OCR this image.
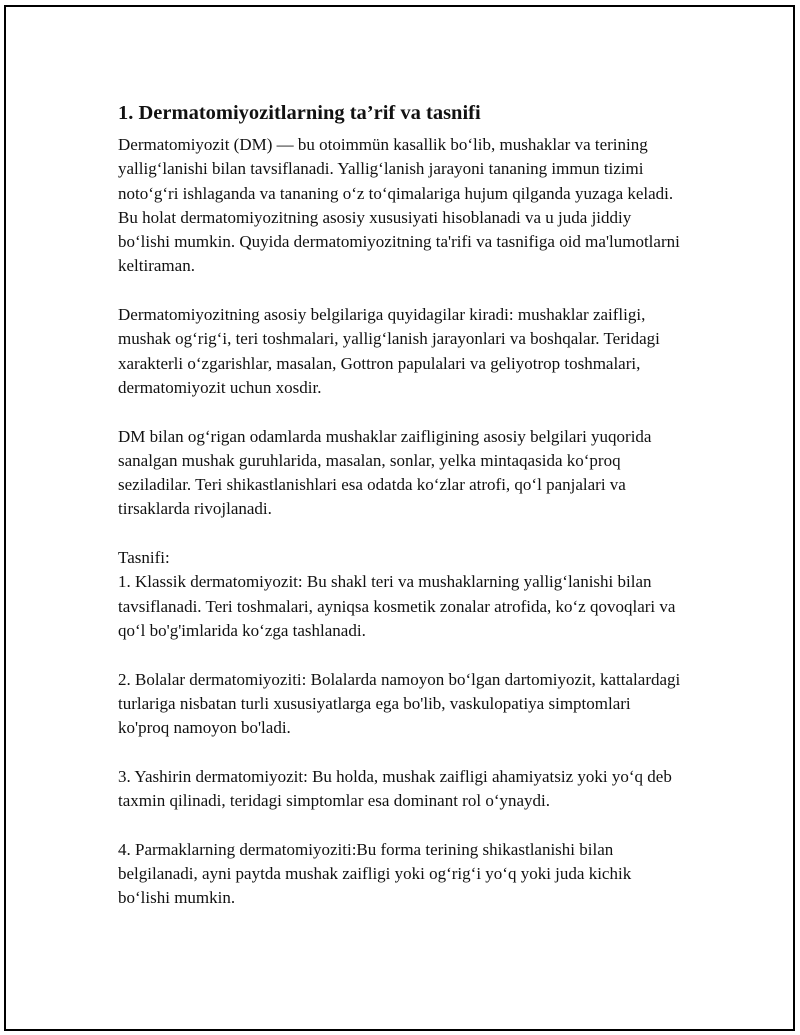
1. Dermatomiyozitlarning ta’rif va tasnifi

Dermatomiyozit (DM) — bu otoimmün kasallik bo‘lib, mushaklar va terining yallig‘lanishi bilan tavsiflanadi. Yallig‘lanish jarayoni tananing immun tizimi noto‘g‘ri ishlaganda va tananing o‘z to‘qimalariga hujum qilganda yuzaga keladi. Bu holat dermatomiyozitning asosiy xususiyati hisoblanadi va u juda jiddiy bo‘lishi mumkin. Quyida dermatomiyozitning ta'rifi va tasnifiga oid ma'lumotlarni keltiraman.

Dermatomiyozitning asosiy belgilariga quyidagilar kiradi: mushaklar zaifligi, mushak og‘rig‘i, teri toshmalari, yallig‘lanish jarayonlari va boshqalar. Teridagi xarakterli o‘zgarishlar, masalan, Gottron papulalari va geliyotrop toshmalari, dermatomiyozit uchun xosdir.

DM bilan og‘rigan odamlarda mushaklar zaifligining asosiy belgilari yuqorida sanalgan mushak guruhlarida, masalan, sonlar, yelka mintaqasida ko‘proq seziladilar. Teri shikastlanishlari esa odatda ko‘zlar atrofi, qo‘l panjalari va tirsaklarda rivojlanadi.

Tasnifi:

1. Klassik dermatomiyozit: Bu shakl teri va mushaklarning yallig‘lanishi bilan tavsiflanadi. Teri toshmalari, ayniqsa kosmetik zonalar atrofida, ko‘z qovoqlari va qo‘l bo'g'imlarida ko‘zga tashlanadi.

2. Bolalar dermatomiyoziti: Bolalarda namoyon bo‘lgan dartomiyozit, kattalardagi turlariga nisbatan turli xususiyatlarga ega bo'lib, vaskulopatiya simptomlari ko'proq namoyon bo'ladi.

3. Yashirin dermatomiyozit: Bu holda, mushak zaifligi ahamiyatsiz yoki yo‘q deb taxmin qilinadi, teridagi simptomlar esa dominant rol o‘ynaydi.

4. Parmaklarning dermatomiyoziti:Bu forma terining shikastlanishi bilan belgilanadi, ayni paytda mushak zaifligi yoki og‘rig‘i yo‘q yoki juda kichik bo‘lishi mumkin.
